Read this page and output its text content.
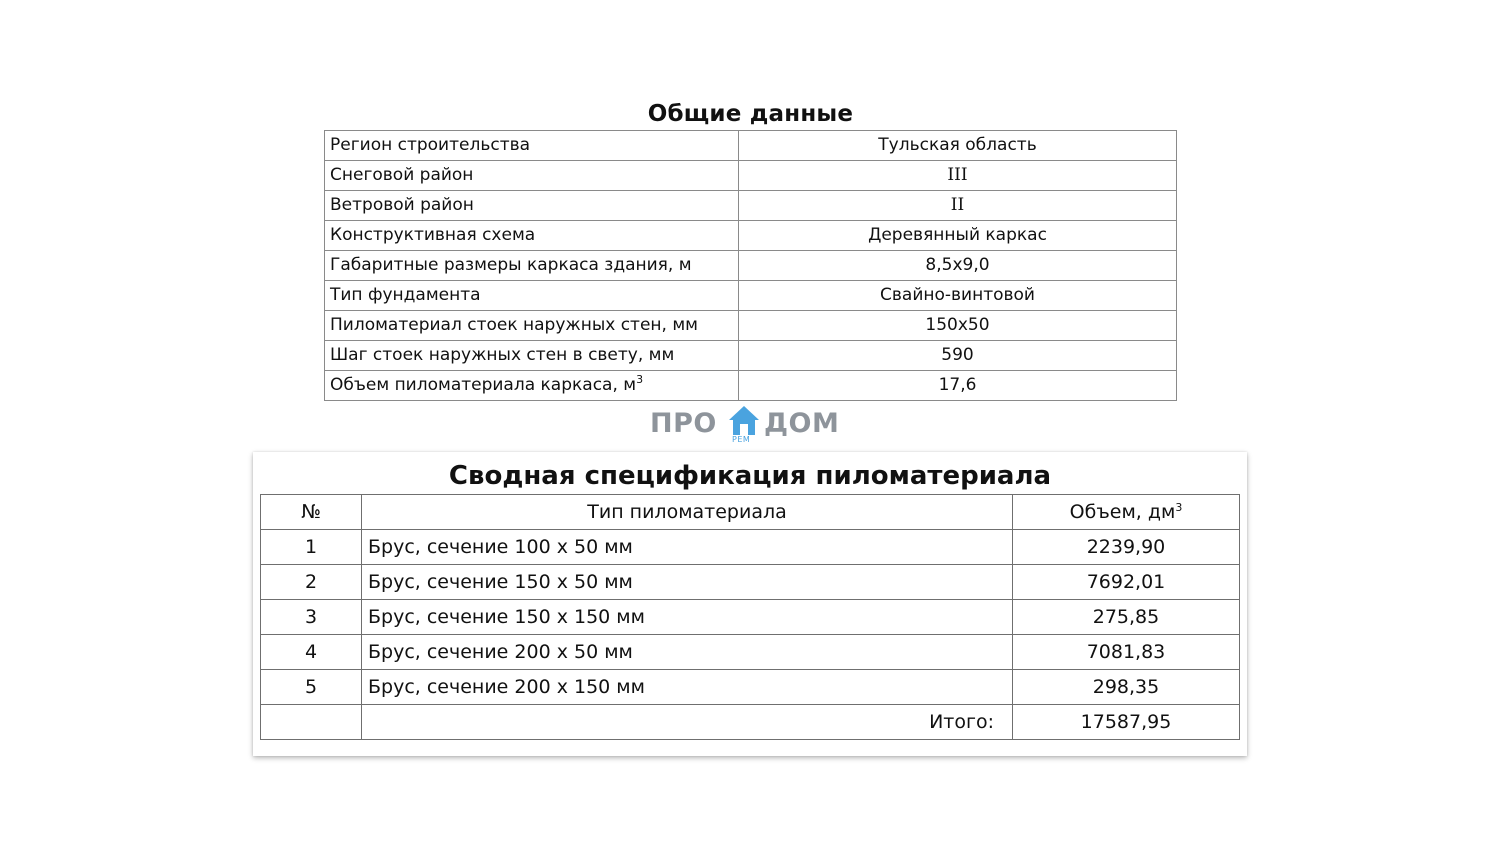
Общие данные
Регион строительства	Тульская область
Снеговой район	III
Ветровой район	II
Конструктивная схема	Деревянный каркас
Габаритные размеры каркаса здания, м	8,5x9,0
Тип фундамента	Свайно-винтовой
Пиломатериал стоек наружных стен, мм	150x50
Шаг стоек наружных стен в свету, мм	590
Объем пиломатериала каркаса, $м^3$	17,6
ПРО
РЕМ
ДОМ
Сводная спецификация пиломатериала
№	Тип пиломатериала	Объем, $дм^3$
1	Брус, сечение 100 х 50 мм	2239,90
2	Брус, сечение 150 х 50 мм	7692,01
3	Брус, сечение 150 х 150 мм	275,85
4	Брус, сечение 200 х 50 мм	7081,83
5	Брус, сечение 200 х 150 мм	298,35
	Итого:	17587,95
